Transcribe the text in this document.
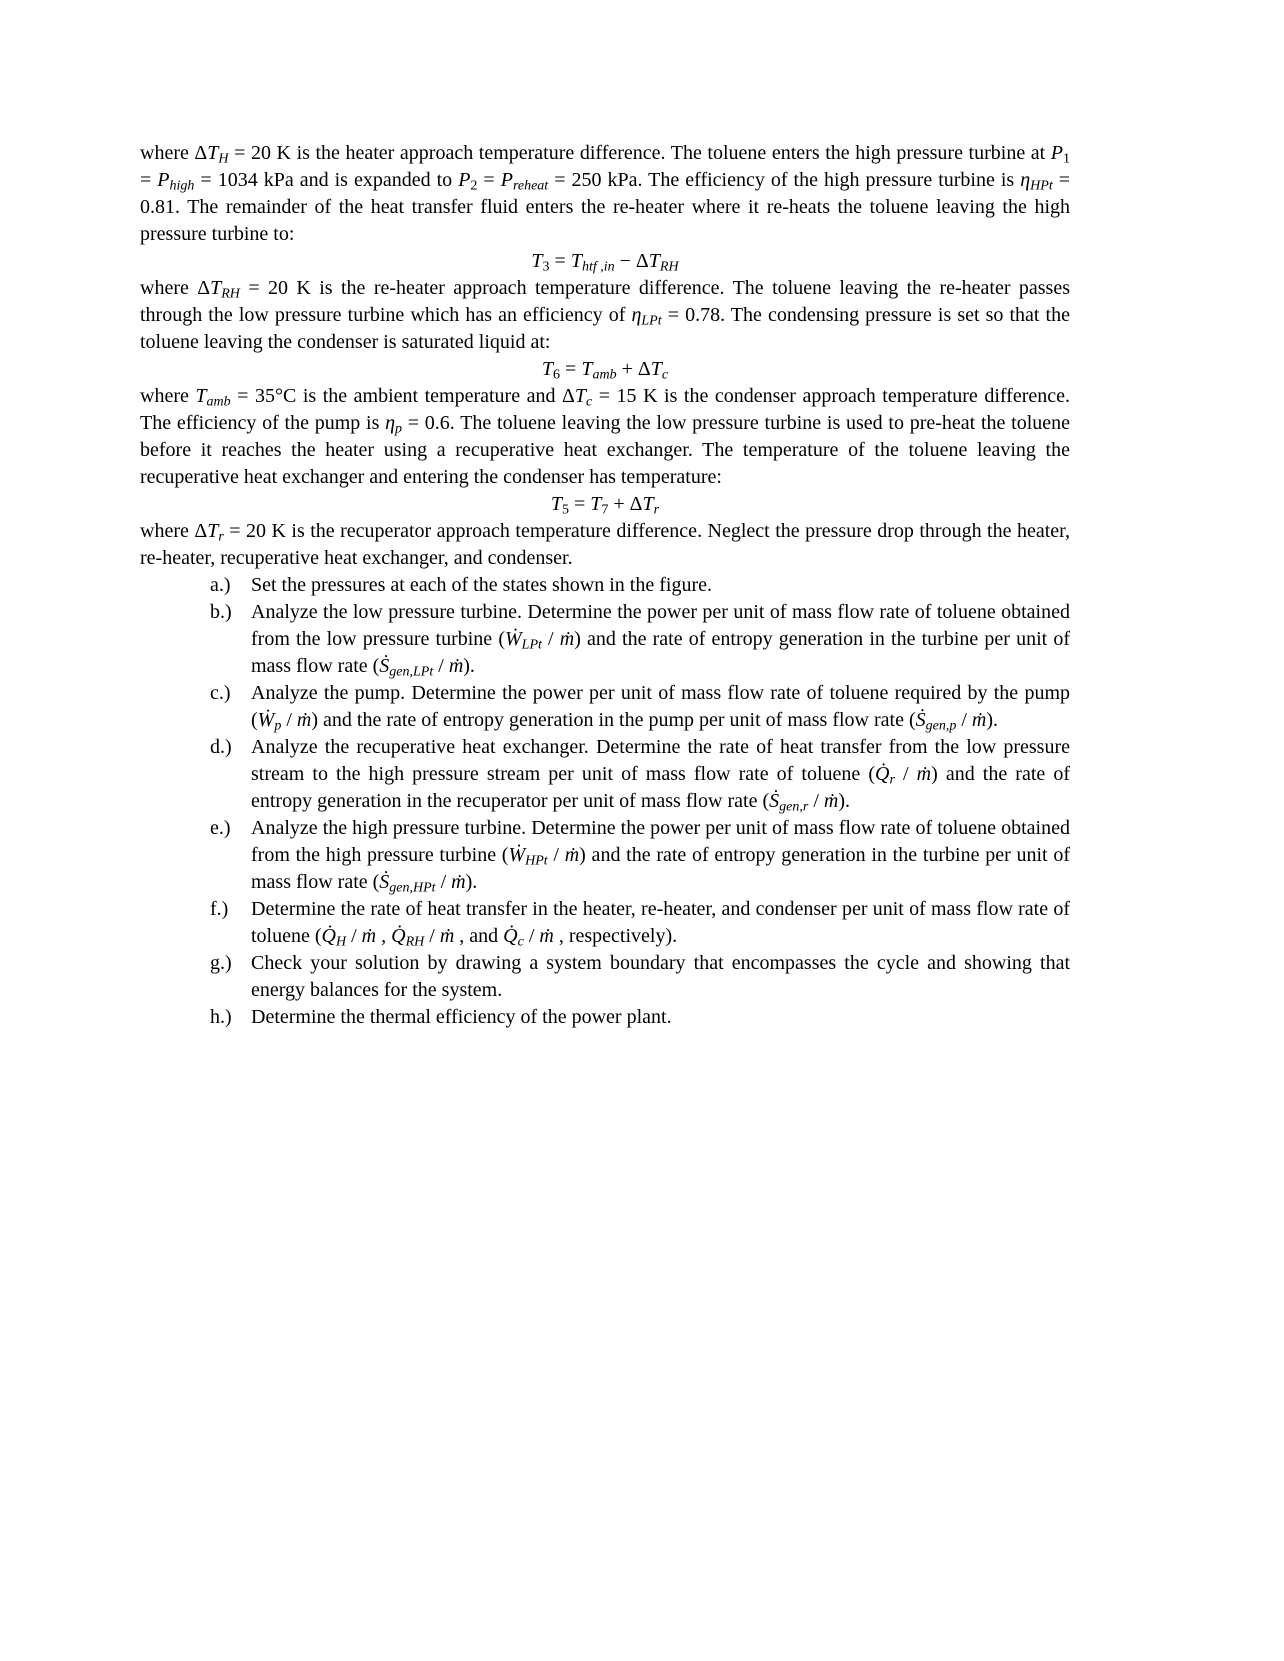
where $\Delta T_H = 20$ K is the heater approach temperature difference. The toluene enters the high pressure turbine at $P_1 = P_{high} = 1034$ kPa and is expanded to $P_2 = P_{reheat} = 250$ kPa. The efficiency of the high pressure turbine is $\eta_{HPt} = 0.81$. The remainder of the heat transfer fluid enters the re-heater where it re-heats the toluene leaving the high pressure turbine to:

$T_3 = T_{htf ,in} - \Delta T_{RH}$

where $\Delta T_{RH} = 20$ K is the re-heater approach temperature difference. The toluene leaving the re-heater passes through the low pressure turbine which has an efficiency of $\eta_{LPt} = 0.78$. The condensing pressure is set so that the toluene leaving the condenser is saturated liquid at:

$T_6 = T_{amb} + \Delta T_c$

where $T_{amb} = 35^\circ C$ is the ambient temperature and $\Delta T_c = 15$ K is the condenser approach temperature difference. The efficiency of the pump is $\eta_p = 0.6$. The toluene leaving the low pressure turbine is used to pre-heat the toluene before it reaches the heater using a recuperative heat exchanger. The temperature of the toluene leaving the recuperative heat exchanger and entering the condenser has temperature:

$T_5 = T_7 + \Delta T_r$

where $\Delta T_r = 20$ K is the recuperator approach temperature difference. Neglect the pressure drop through the heater, re-heater, recuperative heat exchanger, and condenser.

a.)	Set the pressures at each of the states shown in the figure.
b.) Analyze the low pressure turbine. Determine the power per unit of mass flow rate of toluene obtained from the low pressure turbine (Ẇ$_{LPt}$ / ṁ) and the rate of entropy generation in the turbine per unit of mass flow rate (Ṡ$_{gen,LPt}$ / ṁ).
c.)	Analyze the pump. Determine the power per unit of mass flow rate of toluene required by the pump (Ẇ$_p$ / ṁ) and the rate of entropy generation in the pump per unit of mass flow rate (Ṡ$_{gen,p}$ / ṁ).
d.) Analyze the recuperative heat exchanger. Determine the rate of heat transfer from the low pressure stream to the high pressure stream per unit of mass flow rate of toluene ($Q̇_r$ / ṁ) and the rate of entropy generation in the recuperator per unit of mass flow rate (Ṡ$_{gen,r}$ / ṁ).
e.)	Analyze the high pressure turbine. Determine the power per unit of mass flow rate of toluene obtained from the high pressure turbine (Ẇ$_{HPt}$ / ṁ) and the rate of entropy generation in the turbine per unit of mass flow rate (Ṡ$_{gen,HPt}$ / ṁ).
f.)	Determine the rate of heat transfer in the heater, re-heater, and condenser per unit of mass flow rate of toluene ($Q̇_H$ / ṁ , $Q̇_{RH}$ / ṁ , and $Q̇_c$ / ṁ , respectively).
g.) Check your solution by drawing a system boundary that encompasses the cycle and showing that energy balances for the system.
h.) Determine the thermal efficiency of the power plant.
